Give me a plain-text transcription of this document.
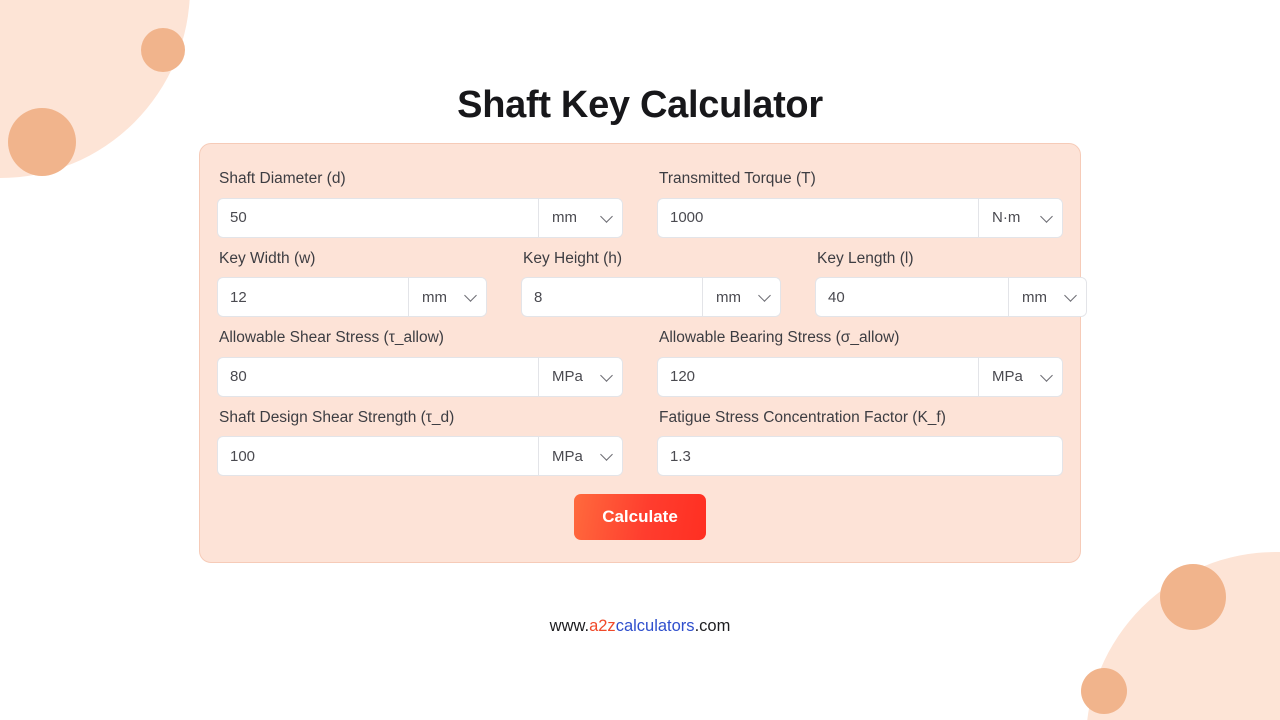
Shaft Key Calculator
Shaft Diameter (d)
50
mm
Transmitted Torque (T)
1000
N·m
Key Width (w)
12
mm
Key Height (h)
8
mm
Key Length (l)
40
mm
Allowable Shear Stress (τ_allow)
80
MPa
Allowable Bearing Stress (σ_allow)
120
MPa
Shaft Design Shear Strength (τ_d)
100
MPa
Fatigue Stress Concentration Factor (K_f)
1.3
Calculate
www.a2zcalculators.com
